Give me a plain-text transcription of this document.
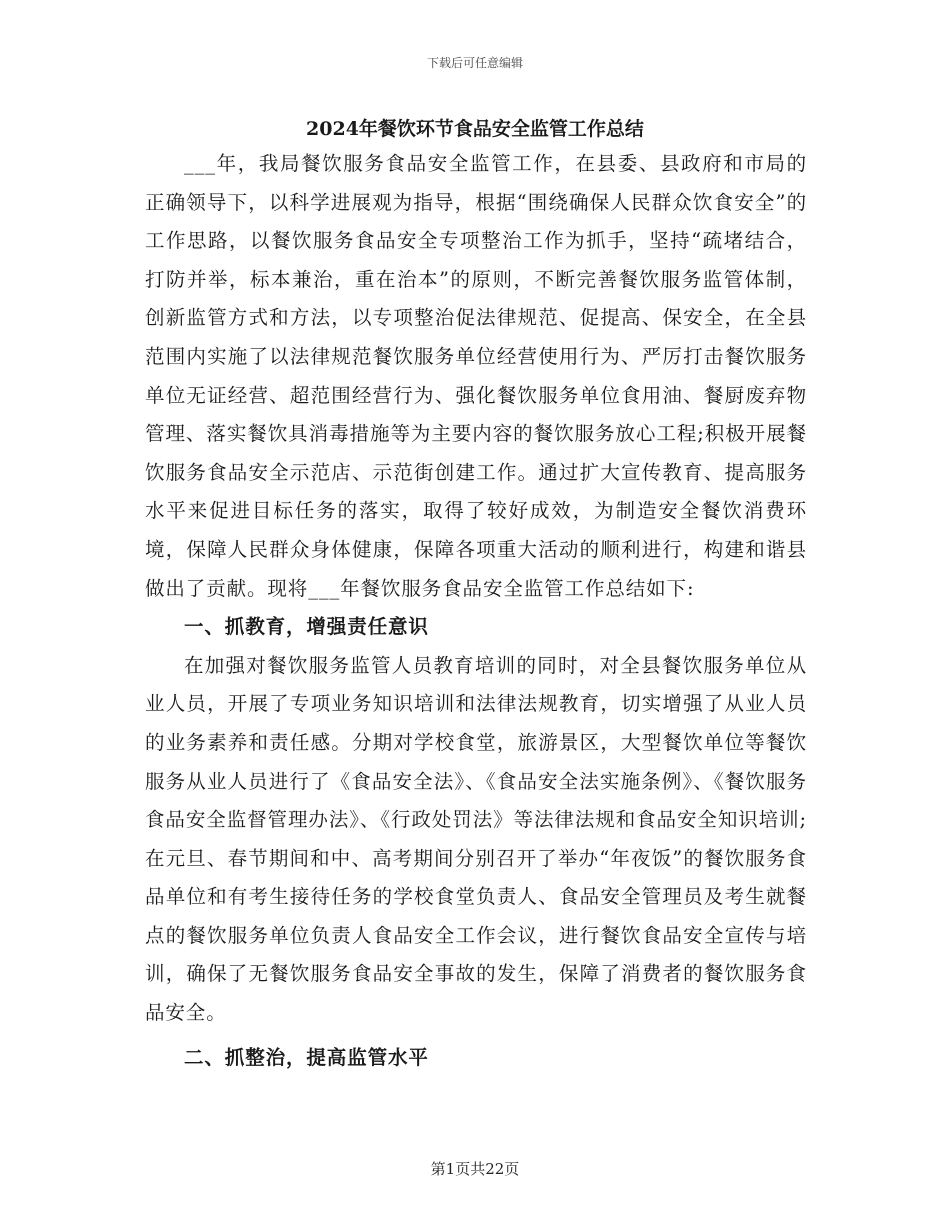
下载后可任意编辑
2024年餐饮环节食品安全监管工作总结

___年，我局餐饮服务食品安全监管工作，在县委、县政府和市局的正确领导下，以科学进展观为指导，根据“围绕确保人民群众饮食安全”的工作思路，以餐饮服务食品安全专项整治工作为抓手，坚持“疏堵结合，打防并举，标本兼治，重在治本”的原则，不断完善餐饮服务监管体制，创新监管方式和方法，以专项整治促法律规范、促提高、保安全，在全县范围内实施了以法律规范餐饮服务单位经营使用行为、严厉打击餐饮服务单位无证经营、超范围经营行为、强化餐饮服务单位食用油、餐厨废弃物管理、落实餐饮具消毒措施等为主要内容的餐饮服务放心工程;积极开展餐饮服务食品安全示范店、示范街创建工作。通过扩大宣传教育、提高服务水平来促进目标任务的落实，取得了较好成效，为制造安全餐饮消费环境，保障人民群众身体健康，保障各项重大活动的顺利进行，构建和谐县做出了贡献。现将___年餐饮服务食品安全监管工作总结如下:

一、抓教育，增强责任意识

在加强对餐饮服务监管人员教育培训的同时，对全县餐饮服务单位从业人员，开展了专项业务知识培训和法律法规教育，切实增强了从业人员的业务素养和责任感。分期对学校食堂，旅游景区，大型餐饮单位等餐饮服务从业人员进行了《食品安全法》、《食品安全法实施条例》、《餐饮服务食品安全监督管理办法》、《行政处罚法》等法律法规和食品安全知识培训;在元旦、春节期间和中、高考期间分别召开了举办“年夜饭”的餐饮服务食品单位和有考生接待任务的学校食堂负责人、食品安全管理员及考生就餐点的餐饮服务单位负责人食品安全工作会议，进行餐饮食品安全宣传与培训，确保了无餐饮服务食品安全事故的发生，保障了消费者的餐饮服务食品安全。

二、抓整治，提高监管水平
第1页共22页
